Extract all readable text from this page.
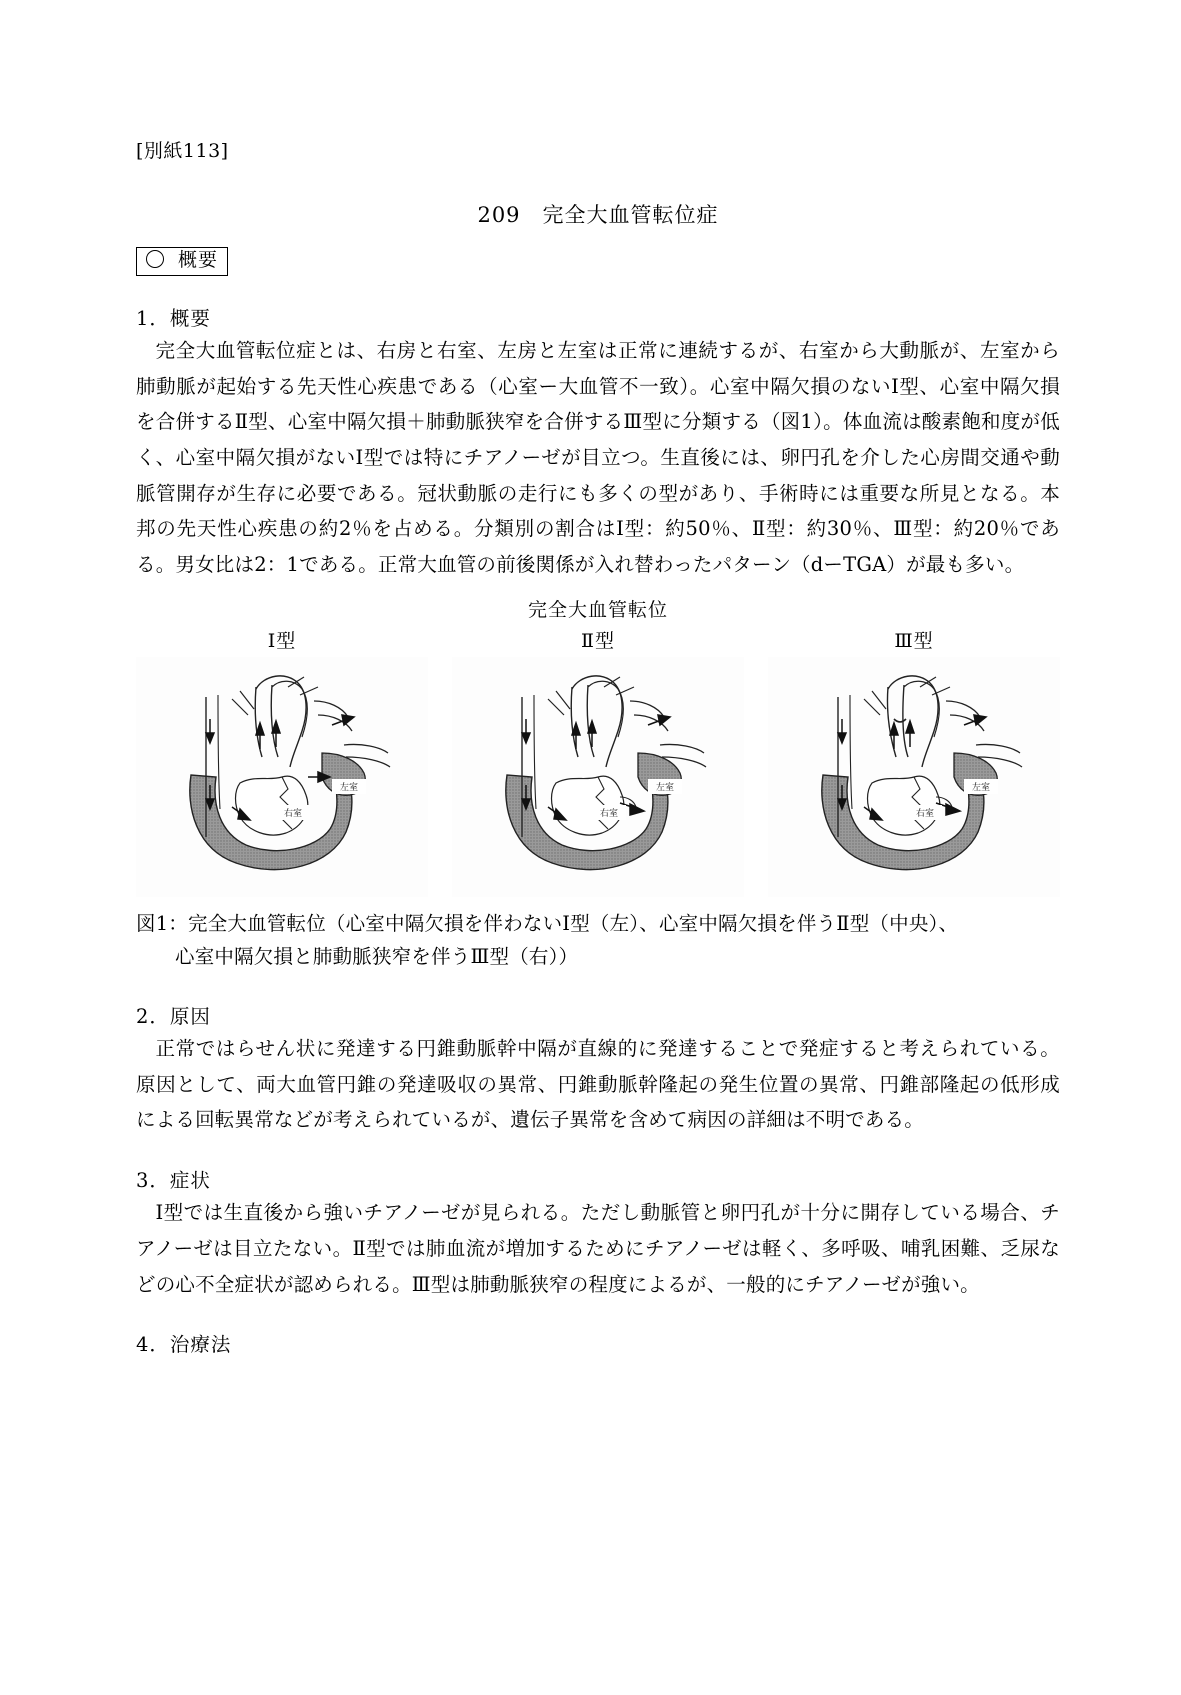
[別紙113]
209　完全大血管転位症
概要
1．概要
完全大血管転位症とは、右房と右室、左房と左室は正常に連続するが、右室から大動脈が、左室から肺動脈が起始する先天性心疾患である（心室ー大血管不一致）。心室中隔欠損のないⅠ型、心室中隔欠損を合併するⅡ型、心室中隔欠損＋肺動脈狭窄を合併するⅢ型に分類する（図1）。体血流は酸素飽和度が低く、心室中隔欠損がないⅠ型では特にチアノーゼが目立つ。生直後には、卵円孔を介した心房間交通や動脈管開存が生存に必要である。冠状動脈の走行にも多くの型があり、手術時には重要な所見となる。本邦の先天性心疾患の約2％を占める。分類別の割合はⅠ型：約50％、Ⅱ型：約30％、Ⅲ型：約20％である。男女比は2：1である。正常大血管の前後関係が入れ替わったパターン（dーTGA）が最も多い。
完全大血管転位
Ⅰ型	Ⅱ型	Ⅲ型
右室
左室
右室
左室
右室
左室
図1：完全大血管転位（心室中隔欠損を伴わないⅠ型（左）、心室中隔欠損を伴うⅡ型（中央）、
心室中隔欠損と肺動脈狭窄を伴うⅢ型（右））
2．原因
正常ではらせん状に発達する円錐動脈幹中隔が直線的に発達することで発症すると考えられている。原因として、両大血管円錐の発達吸収の異常、円錐動脈幹隆起の発生位置の異常、円錐部隆起の低形成による回転異常などが考えられているが、遺伝子異常を含めて病因の詳細は不明である。
3．症状
Ⅰ型では生直後から強いチアノーゼが見られる。ただし動脈管と卵円孔が十分に開存している場合、チアノーゼは目立たない。Ⅱ型では肺血流が増加するためにチアノーゼは軽く、多呼吸、哺乳困難、乏尿などの心不全症状が認められる。Ⅲ型は肺動脈狭窄の程度によるが、一般的にチアノーゼが強い。
4．治療法
